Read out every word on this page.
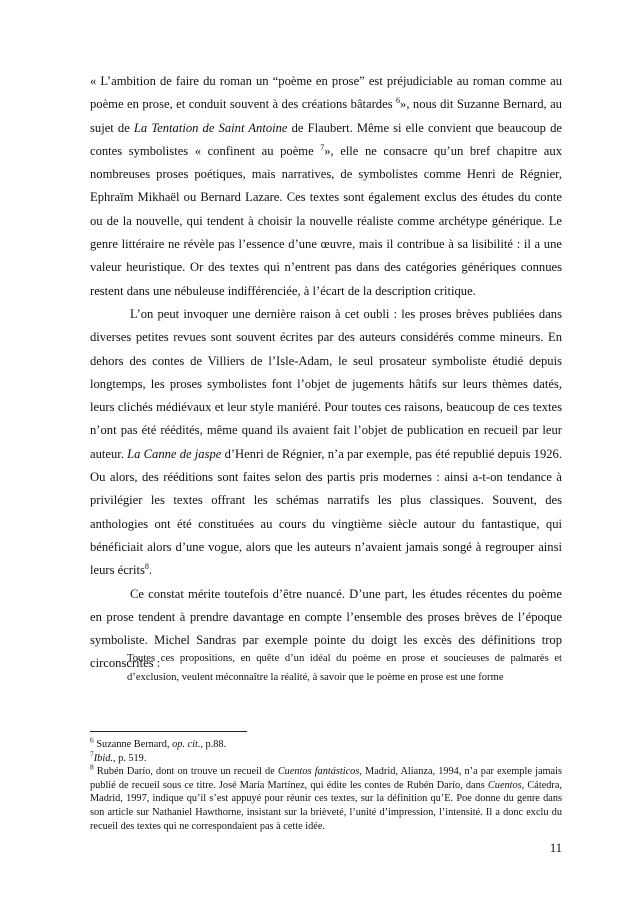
« L’ambition de faire du roman un “poème en prose” est préjudiciable au roman comme au poème en prose, et conduit souvent à des créations bâtardes $^6$», nous dit Suzanne Bernard, au sujet de La Tentation de Saint Antoine de Flaubert. Même si elle convient que beaucoup de contes symbolistes « confinent au poème $^7$», elle ne consacre qu’un bref chapitre aux nombreuses proses poétiques, mais narratives, de symbolistes comme Henri de Régnier, Ephraïm Mikhaël ou Bernard Lazare. Ces textes sont également exclus des études du conte ou de la nouvelle, qui tendent à choisir la nouvelle réaliste comme archétype générique. Le genre littéraire ne révèle pas l’essence d’une œuvre, mais il contribue à sa lisibilité : il a une valeur heuristique. Or des textes qui n’entrent pas dans des catégories génériques connues restent dans une nébuleuse indifférenciée, à l’écart de la description critique.

L’on peut invoquer une dernière raison à cet oubli : les proses brèves publiées dans diverses petites revues sont souvent écrites par des auteurs considérés comme mineurs. En dehors des contes de Villiers de l’Isle-Adam, le seul prosateur symboliste étudié depuis longtemps, les proses symbolistes font l’objet de jugements hâtifs sur leurs thèmes datés, leurs clichés médiévaux et leur style maniéré. Pour toutes ces raisons, beaucoup de ces textes n’ont pas été réédités, même quand ils avaient fait l’objet de publication en recueil par leur auteur. La Canne de jaspe d’Henri de Régnier, n’a par exemple, pas été republié depuis 1926. Ou alors, des rééditions sont faites selon des partis pris modernes : ainsi a-t-on tendance à privilégier les textes offrant les schémas narratifs les plus classiques. Souvent, des anthologies ont été constituées au cours du vingtième siècle autour du fantastique, qui bénéficiait alors d’une vogue, alors que les auteurs n’avaient jamais songé à regrouper ainsi leurs écrits$^8$.

Ce constat mérite toutefois d’être nuancé. D’une part, les études récentes du poème en prose tendent à prendre davantage en compte l’ensemble des proses brèves de l’époque symboliste. Michel Sandras par exemple pointe du doigt les excès des définitions trop circonscrites :

Toutes ces propositions, en quête d’un idéal du poème en prose et soucieuses de palmarès et d’exclusion, veulent méconnaître la réalité, à savoir que le poème en prose est une forme

$^6$ Suzanne Bernard, op. cit., p.88.

$^7$Ibid., p. 519.

$^8$ Rubén Darío, dont on trouve un recueil de Cuentos fantásticos, Madrid, Alianza, 1994, n’a par exemple jamais publié de recueil sous ce titre. José María Martínez, qui édite les contes de Rubén Darío, dans Cuentos, Cátedra, Madrid, 1997, indique qu’il s’est appuyé pour réunir ces textes, sur la définition qu’E. Poe donne du genre dans son article sur Nathaniel Hawthorne, insistant sur la brièveté, l’unité d’impression, l’intensité. Il a donc exclu du recueil des textes qui ne correspondaient pas à cette idée.

11
